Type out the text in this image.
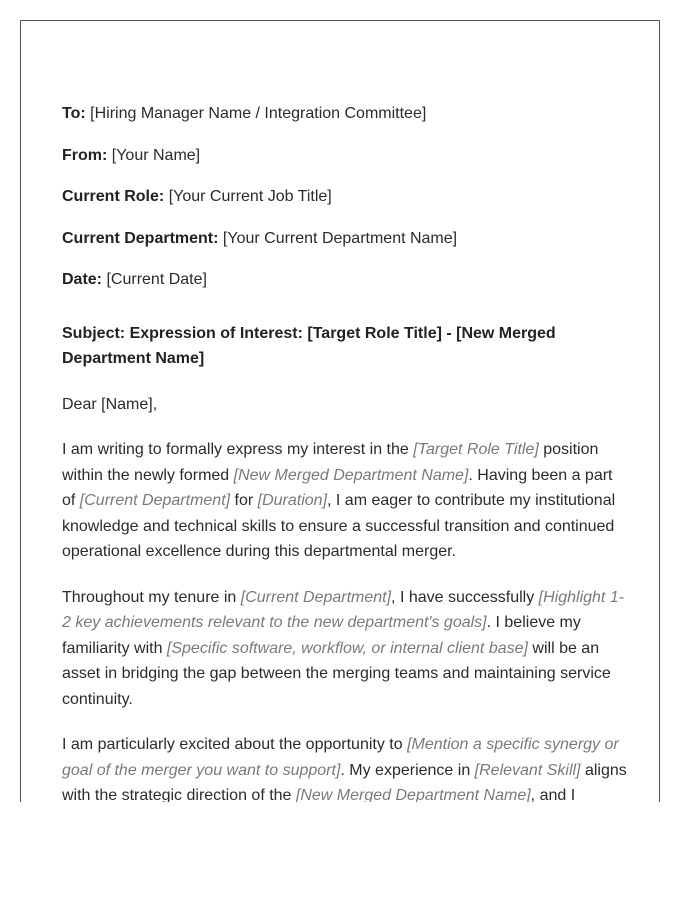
To: [Hiring Manager Name / Integration Committee]
From: [Your Name]
Current Role: [Your Current Job Title]
Current Department: [Your Current Department Name]
Date: [Current Date]
Subject: Expression of Interest: [Target Role Title] - [New Merged Department Name]
Dear [Name],

I am writing to formally express my interest in the [Target Role Title] position within the newly formed [New Merged Department Name]. Having been a part of [Current Department] for [Duration], I am eager to contribute my institutional knowledge and technical skills to ensure a successful transition and continued operational excellence during this departmental merger.

Throughout my tenure in [Current Department], I have successfully [Highlight 1-2 key achievements relevant to the new department's goals]. I believe my familiarity with [Specific software, workflow, or internal client base] will be an asset in bridging the gap between the merging teams and maintaining service continuity.

I am particularly excited about the opportunity to [Mention a specific synergy or goal of the merger you want to support]. My experience in [Relevant Skill] aligns with the strategic direction of the [New Merged Department Name], and I
